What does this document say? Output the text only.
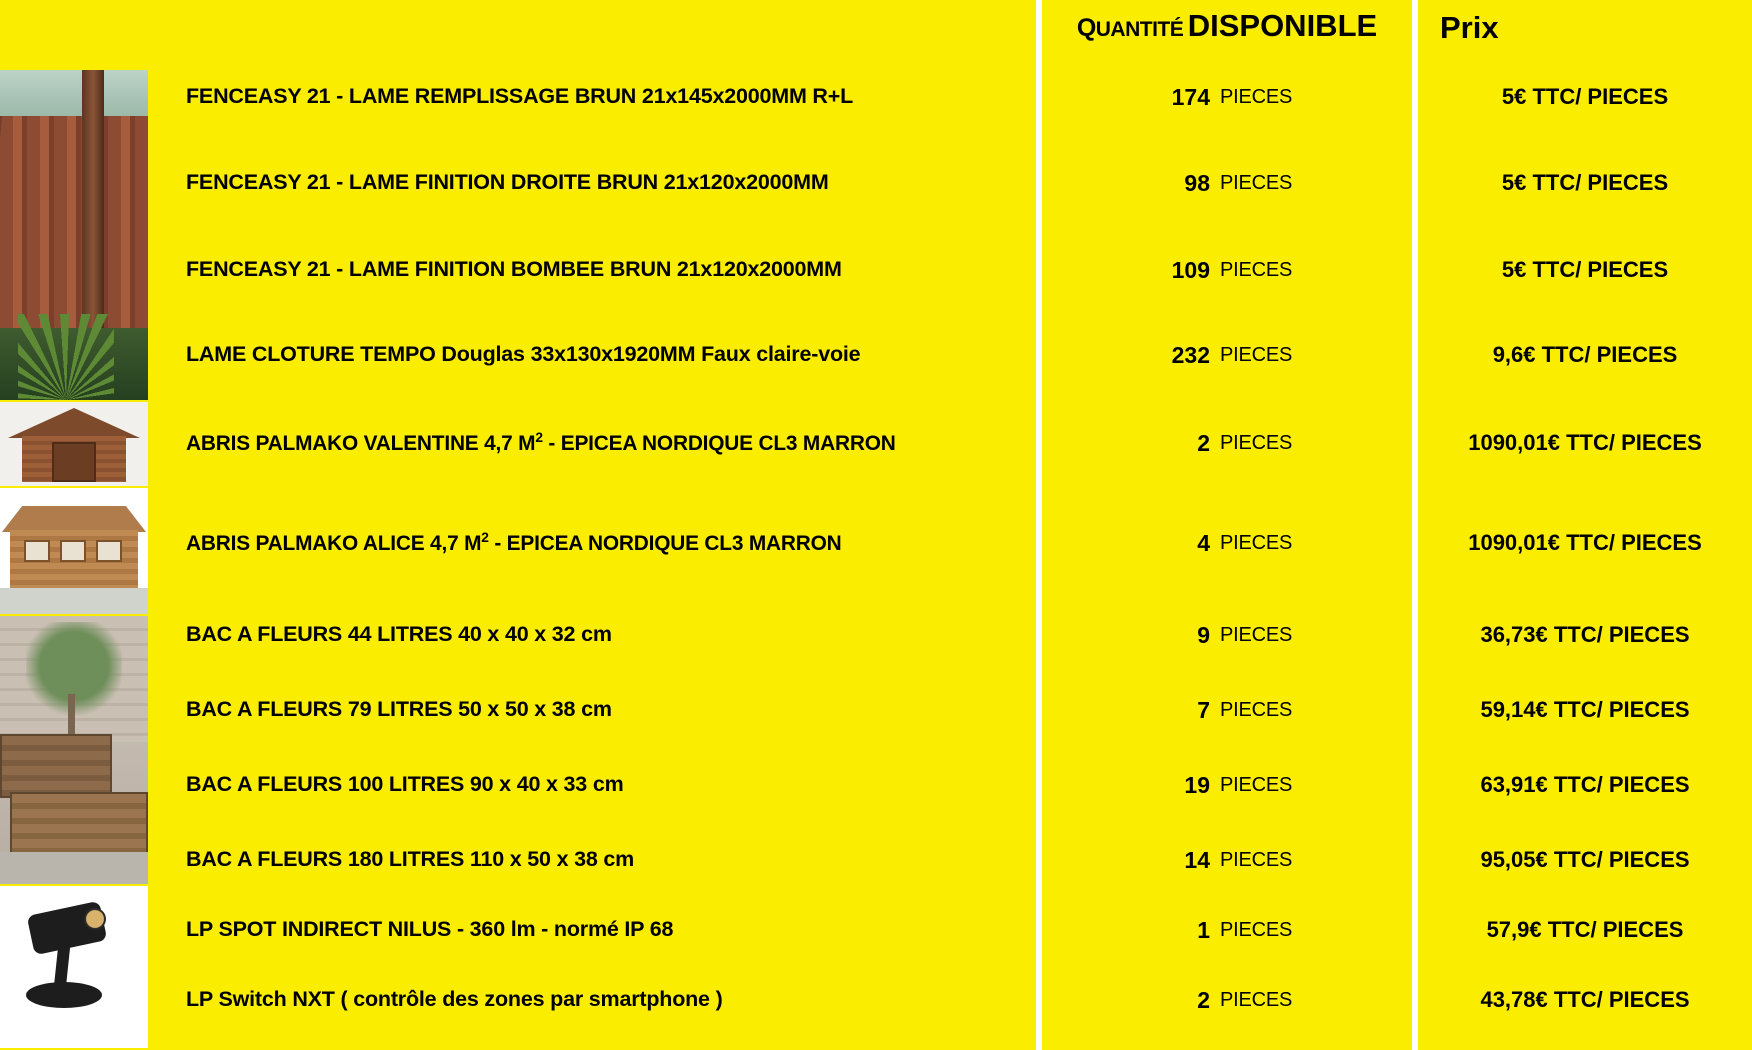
QUANTITÉ DISPONIBLE	Prix
FENCEASY 21 - LAME REMPLISSAGE BRUN 21x145x2000MM R+L	174 PIECES	5€ TTC/ PIECES
FENCEASY 21 - LAME FINITION DROITE BRUN 21x120x2000MM	98 PIECES	5€ TTC/ PIECES
FENCEASY 21 - LAME FINITION BOMBEE BRUN 21x120x2000MM	109 PIECES	5€ TTC/ PIECES
LAME CLOTURE TEMPO Douglas 33x130x1920MM Faux claire-voie	232 PIECES	9,6€ TTC/ PIECES
ABRIS PALMAKO VALENTINE 4,7 $M^2$ - EPICEA NORDIQUE CL3 MARRON	2 PIECES	1090,01€ TTC/ PIECES
ABRIS PALMAKO ALICE 4,7 $M^2$ - EPICEA NORDIQUE CL3 MARRON	4 PIECES	1090,01€ TTC/ PIECES
BAC A FLEURS 44 LITRES 40 x 40 x 32 cm	9 PIECES	36,73€ TTC/ PIECES
BAC A FLEURS 79 LITRES 50 x 50 x 38 cm	7 PIECES	59,14€ TTC/ PIECES
BAC A FLEURS 100 LITRES 90 x 40 x 33 cm	19 PIECES	63,91€ TTC/ PIECES
BAC A FLEURS 180 LITRES 110 x 50 x 38 cm	14 PIECES	95,05€ TTC/ PIECES
LP SPOT INDIRECT NILUS - 360 lm - normé IP 68	1 PIECES	57,9€ TTC/ PIECES
LP Switch NXT ( contrôle des zones par smartphone )	2 PIECES	43,78€ TTC/ PIECES
